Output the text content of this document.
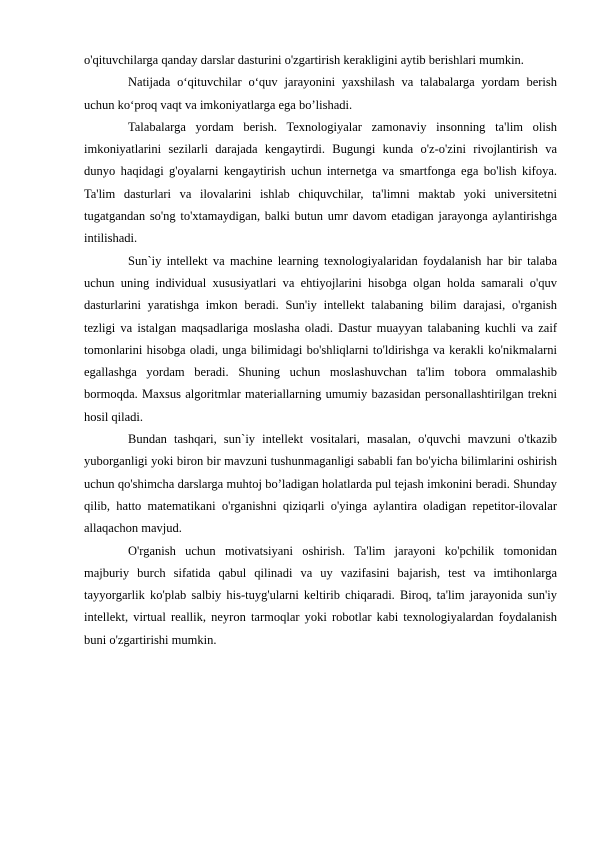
o'qituvchilarga qanday darslar dasturini o'zgartirish kerakligini aytib berishlari mumkin.

Natijada o‘qituvchilar o‘quv jarayonini yaxshilash va talabalarga yordam berish uchun ko‘proq vaqt va imkoniyatlarga ega bo’lishadi.

Talabalarga yordam berish. Texnologiyalar zamonaviy insonning ta'lim olish imkoniyatlarini sezilarli darajada kengaytirdi. Bugungi kunda o'z-o'zini rivojlantirish va dunyo haqidagi g'oyalarni kengaytirish uchun internetga va smartfonga ega bo'lish kifoya. Ta'lim dasturlari va ilovalarini ishlab chiquvchilar, ta'limni maktab yoki universitetni tugatgandan so'ng to'xtamaydigan, balki butun umr davom etadigan jarayonga aylantirishga intilishadi.

Sun`iy intellekt va machine learning texnologiyalaridan foydalanish har bir talaba uchun uning individual xususiyatlari va ehtiyojlarini hisobga olgan holda samarali o'quv dasturlarini yaratishga imkon beradi. Sun'iy intellekt talabaning bilim darajasi, o'rganish tezligi va istalgan maqsadlariga moslasha oladi. Dastur muayyan talabaning kuchli va zaif tomonlarini hisobga oladi, unga bilimidagi bo'shliqlarni to'ldirishga va kerakli ko'nikmalarni egallashga yordam beradi. Shuning uchun moslashuvchan ta'lim tobora ommalashib bormoqda. Maxsus algoritmlar materiallarning umumiy bazasidan personallashtirilgan trekni hosil qiladi.

Bundan tashqari, sun`iy intellekt vositalari, masalan, o'quvchi mavzuni o'tkazib yuborganligi yoki biron bir mavzuni tushunmaganligi sababli fan bo'yicha bilimlarini oshirish uchun qo'shimcha darslarga muhtoj bo’ladigan holatlarda pul tejash imkonini beradi. Shunday qilib, hatto matematikani o'rganishni qiziqarli o'yinga aylantira oladigan repetitor-ilovalar allaqachon mavjud.

O'rganish uchun motivatsiyani oshirish. Ta'lim jarayoni ko'pchilik tomonidan majburiy burch sifatida qabul qilinadi va uy vazifasini bajarish, test va imtihonlarga tayyorgarlik ko'plab salbiy his-tuyg'ularni keltirib chiqaradi. Biroq, ta'lim jarayonida sun'iy intellekt, virtual reallik, neyron tarmoqlar yoki robotlar kabi texnologiyalardan foydalanish buni o'zgartirishi mumkin.
